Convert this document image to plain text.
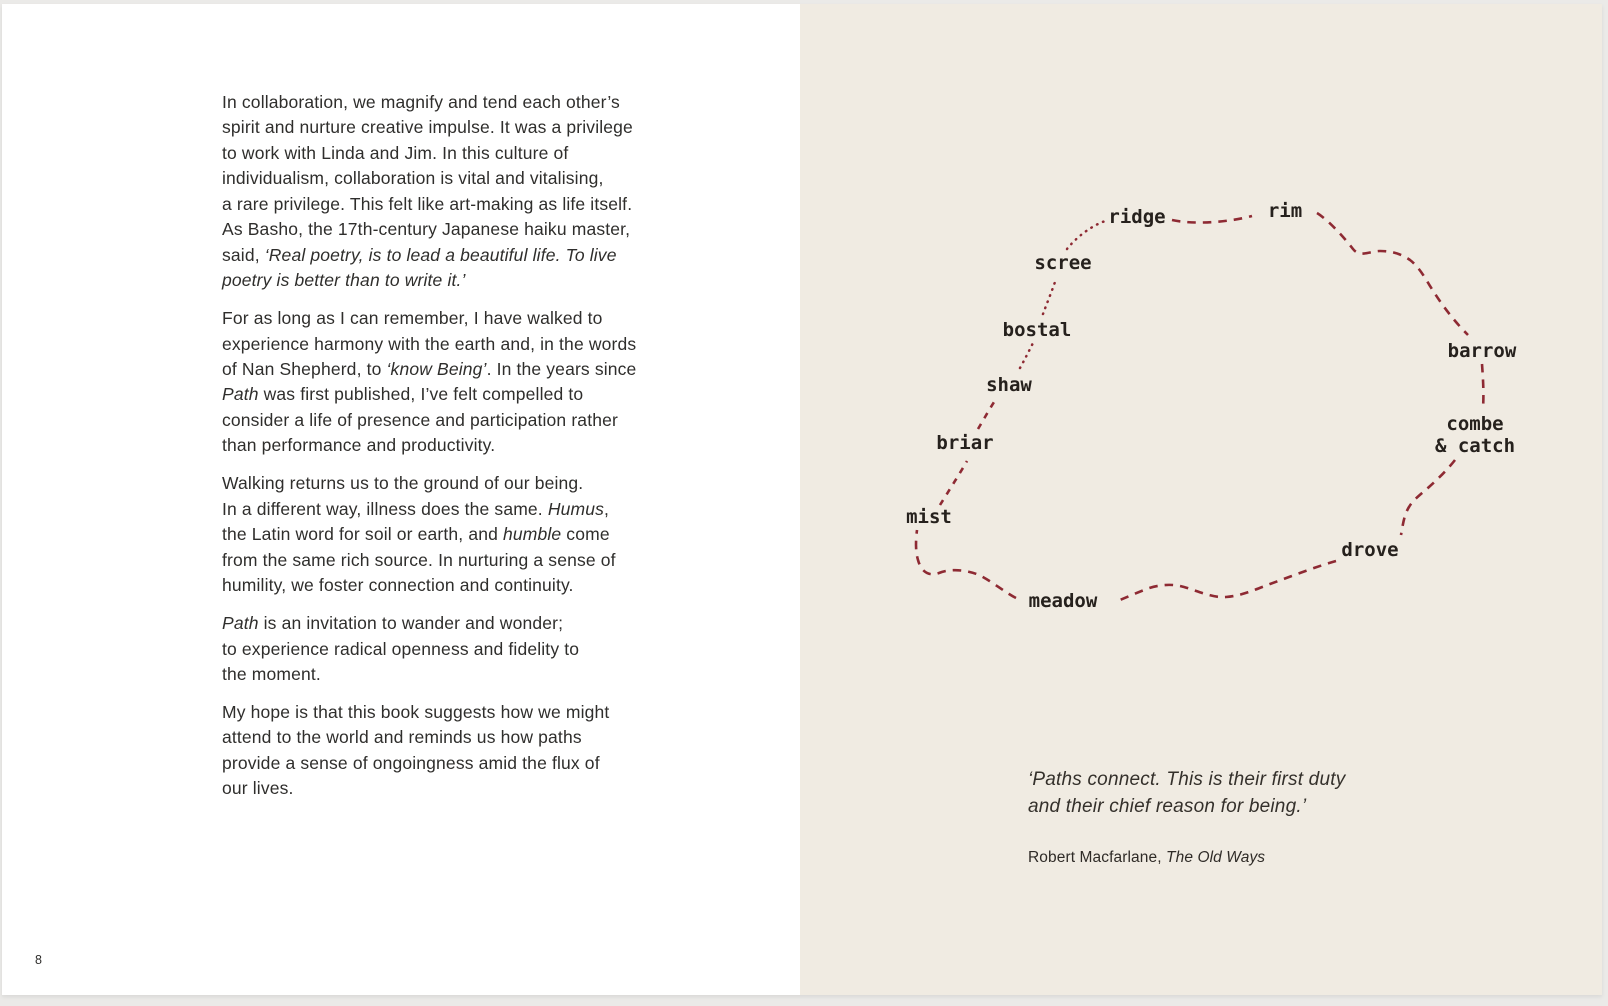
In collaboration, we magnify and tend each other’s
spirit and nurture creative impulse. It was a privilege
to work with Linda and Jim. In this culture of
individualism, collaboration is vital and vitalising,
a rare privilege. This felt like art-making as life itself.
As Basho, the 17th-century Japanese haiku master,
said, ‘Real poetry, is to lead a beautiful life. To live
poetry is better than to write it.’
For as long as I can remember, I have walked to
experience harmony with the earth and, in the words
of Nan Shepherd, to ‘know Being’. In the years since
Path was first published, I’ve felt compelled to
consider a life of presence and participation rather
than performance and productivity.
Walking returns us to the ground of our being.
In a different way, illness does the same. Humus,
the Latin word for soil or earth, and humble come
from the same rich source. In nurturing a sense of
humility, we foster connection and continuity.
Path is an invitation to wander and wonder;
to experience radical openness and fidelity to
the moment.
My hope is that this book suggests how we might
attend to the world and reminds us how paths
provide a sense of ongoingness amid the flux of
our lives.
8
ridge	rim
scree
bostal
shaw
briar
mist
meadow
drove
combe
& catch
barrow
‘Paths connect. This is their first duty
and their chief reason for being.’
Robert Macfarlane, The Old Ways
